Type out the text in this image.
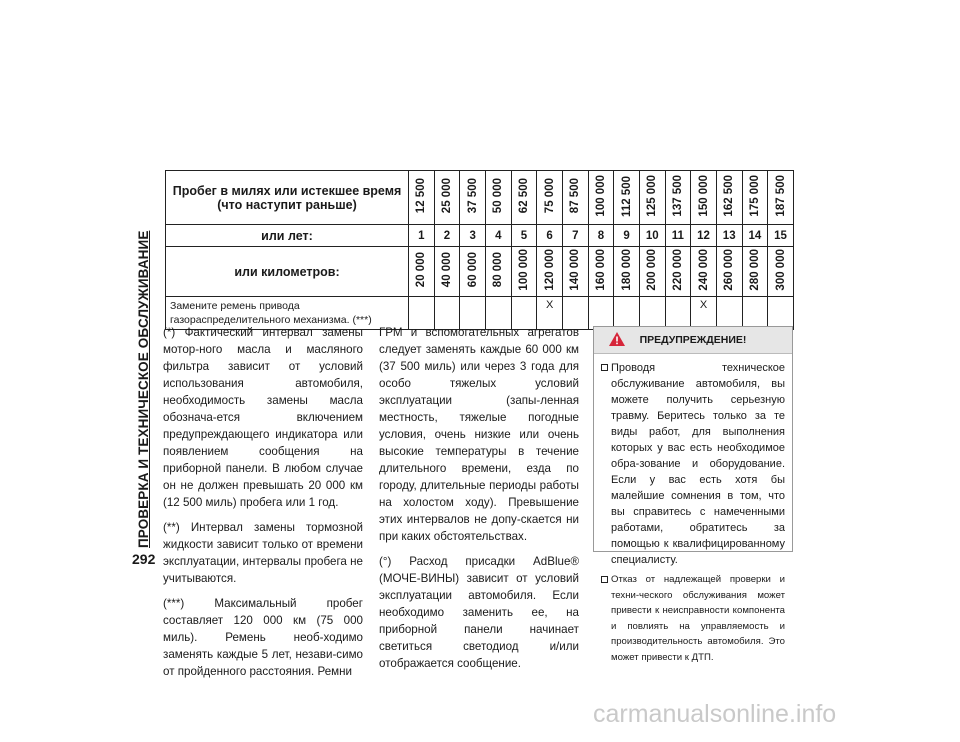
ПРОВЕРКА И ТЕХНИЧЕСКОЕ ОБСЛУЖИВАНИЕ
292
Пробег в милях или истекшее время
(что наступит раньше)	12 500	25 000	37 500	50 000	62 500	75 000	87 500	100 000	112 500	125 000	137 500	150 000	162 500	175 000	187 500
или лет:	1	2	3	4	5	6	7	8	9	10	11	12	13	14	15
или километров:	20 000	40 000	60 000	80 000	100 000	120 000	140 000	160 000	180 000	200 000	220 000	240 000	260 000	280 000	300 000

Замените ремень привода
газораспределительного механизма. (***)						X						X			

(*) Фактический интервал замены мотор-ного масла и масляного фильтра зависит от условий использования автомобиля, необходимость замены масла обознача-ется включением предупреждающего индикатора или появлением сообщения на приборной панели. В любом случае он не должен превышать 20 000 км (12 500 миль) пробега или 1 год.

(**) Интервал замены тормозной жидкости зависит только от времени эксплуатации, интервалы пробега не учитываются.

(***) Максимальный пробег составляет 120 000 км (75 000 миль). Ремень необ-ходимо заменять каждые 5 лет, незави-симо от пройденного расстояния. Ремни

ГРМ и вспомогательных агрегатов следует заменять каждые 60 000 км (37 500 миль) или через 3 года для особо тяжелых условий эксплуатации (запы-ленная местность, тяжелые погодные условия, очень низкие или очень высокие температуры в течение длительного времени, езда по городу, длительные периоды работы на холостом ходу). Превышение этих интервалов не допу-скается ни при каких обстоятельствах.

(°) Расход присадки AdBlue® (МОЧЕ-ВИНЫ) зависит от условий эксплуатации автомобиля. Если необходимо заменить ее, на приборной панели начинает светиться светодиод и/или отображается сообщение.

ПРЕДУПРЕЖДЕНИЕ!
Проводя техническое обслуживание автомобиля, вы можете получить серьезную травму. Беритесь только за те виды работ, для выполнения которых у вас есть необходимое обра-зование и оборудование. Если у вас есть хотя бы малейшие сомнения в том, что вы справитесь с намеченными работами, обратитесь за помощью к квалифицированному специалисту.
Отказ от надлежащей проверки и техни-ческого обслуживания может привести к неисправности компонента и повлиять на управляемость и производительность автомобиля. Это может привести к ДТП.
carmanualsonline.info
